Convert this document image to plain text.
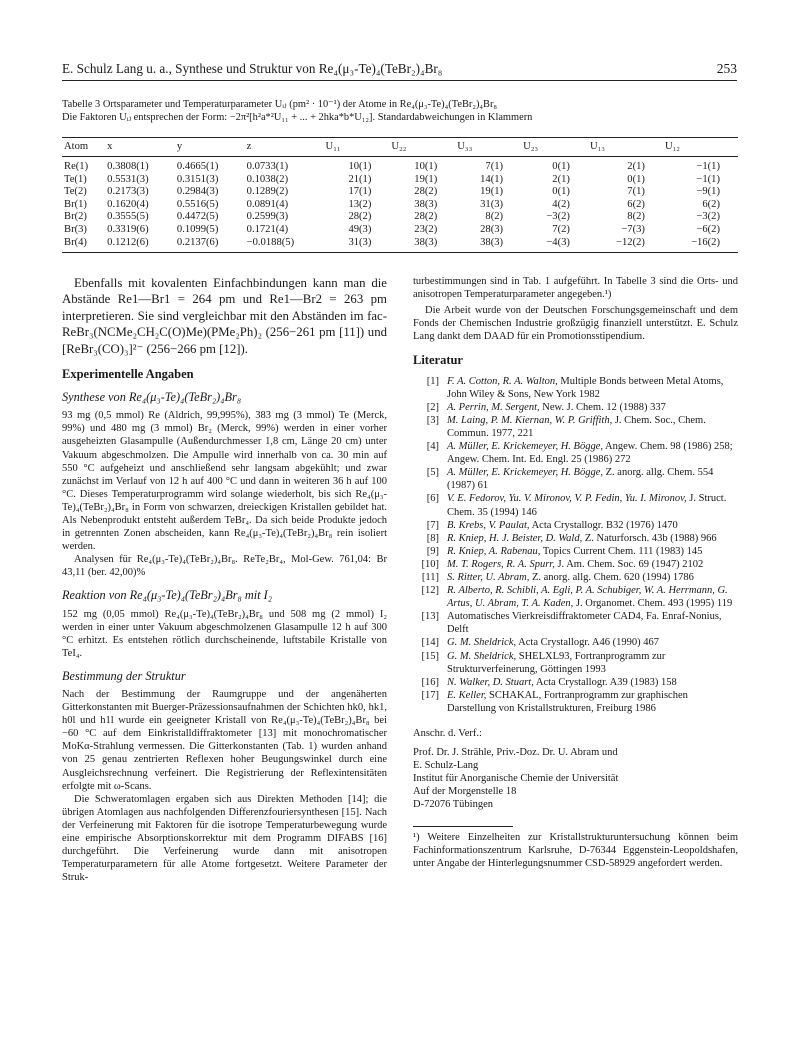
E. Schulz Lang u. a., Synthese und Struktur von Re₄(μ₃-Te)₄(TeBr₂)₄Br₈	253
Tabelle 3 Ortsparameter und Temperaturparameter Uᵢⱼ (pm² · 10⁻¹) der Atome in Re₄(μ₃-Te)₄(TeBr₂)₄Br₈
Die Faktoren Uᵢⱼ entsprechen der Form: −2π²[h²a*²U₁₁ + ... + 2hka*b*U₁₂]. Standardabweichungen in Klammern
Atom	x	y	z	U₁₁	U₂₂	U₃₃	U₂₃	U₁₃	U₁₂
Re(1)	0.3808(1)	0.4665(1)	0.0733(1)	10(1)	10(1)	7(1)	0(1)	2(1)	−1(1)
Te(1)	0.5531(3)	0.3151(3)	0.1038(2)	21(1)	19(1)	14(1)	2(1)	0(1)	−1(1)
Te(2)	0.2173(3)	0.2984(3)	0.1289(2)	17(1)	28(2)	19(1)	0(1)	7(1)	−9(1)
Br(1)	0.1620(4)	0.5516(5)	0.0891(4)	13(2)	38(3)	31(3)	4(2)	6(2)	6(2)
Br(2)	0.3555(5)	0.4472(5)	0.2599(3)	28(2)	28(2)	8(2)	−3(2)	8(2)	−3(2)
Br(3)	0.3319(6)	0.1099(5)	0.1721(4)	49(3)	23(2)	28(3)	7(2)	−7(3)	−6(2)
Br(4)	0.1212(6)	0.2137(6)	−0.0188(5)	31(3)	38(3)	38(3)	−4(3)	−12(2)	−16(2)

Ebenfalls mit kovalenten Einfachbindungen kann man die Abstände Re1—Br1 = 264 pm und Re1—Br2 = 263 pm interpretieren. Sie sind vergleichbar mit den Abständen im fac-ReBr₃(NCMe₂CH₂C(O)Me)(PMe₂Ph)₂ (256−261 pm [11]) und [ReBr₃(CO)₃]²⁻ (256−266 pm [12]).

Experimentelle Angaben

Synthese von Re₄(μ₃-Te)₄(TeBr₂)₄Br₈

93 mg (0,5 mmol) Re (Aldrich, 99,995%), 383 mg (3 mmol) Te (Merck, 99%) und 480 mg (3 mmol) Br₂ (Merck, 99%) werden in einer vorher ausgeheizten Glasampulle (Außendurchmesser 1,8 cm, Länge 20 cm) unter Vakuum abgeschmolzen. Die Ampulle wird innerhalb von ca. 30 min auf 550 °C aufgeheizt und anschließend sehr langsam abgekühlt; und zwar zunächst im Verlauf von 12 h auf 400 °C und dann in weiteren 36 h auf 100 °C. Dieses Temperaturprogramm wird solange wiederholt, bis sich Re₄(μ₃-Te)₄(TeBr₂)₄Br₈ in Form von schwarzen, dreieckigen Kristallen gebildet hat. Als Nebenprodukt entsteht außerdem TeBr₄. Da sich beide Produkte jedoch in getrennten Zonen abscheiden, kann Re₄(μ₃-Te)₄(TeBr₂)₄Br₈ rein isoliert werden.

Analysen für Re₄(μ₃-Te)₄(TeBr₂)₄Br₈. ReTe₂Br₄, Mol-Gew. 761,04: Br 43,11 (ber. 42,00)%

Reaktion von Re₄(μ₃-Te)₄(TeBr₂)₄Br₈ mit I₂

152 mg (0,05 mmol) Re₄(μ₃-Te)₄(TeBr₂)₄Br₈ und 508 mg (2 mmol) I₂ werden in einer unter Vakuum abgeschmolzenen Glasampulle 12 h auf 300 °C erhitzt. Es entstehen rötlich durchscheinende, luftstabile Kristalle von TeI₄.

Bestimmung der Struktur

Nach der Bestimmung der Raumgruppe und der angenäherten Gitterkonstanten mit Buerger-Präzessionsaufnahmen der Schichten hk0, hk1, h0l und h1l wurde ein geeigneter Kristall von Re₄(μ₃-Te)₄(TeBr₂)₄Br₈ bei −60 °C auf dem Einkristalldiffraktometer [13] mit monochromatischer MoKα-Strahlung vermessen. Die Gitterkonstanten (Tab. 1) wurden anhand von 25 genau zentrierten Reflexen hoher Beugungswinkel durch eine Ausgleichsrechnung verfeinert. Die Registrierung der Reflexintensitäten erfolgte mit ω-Scans.

Die Schweratomlagen ergaben sich aus Direkten Methoden [14]; die übrigen Atomlagen aus nachfolgenden Differenzfouriersynthesen [15]. Nach der Verfeinerung mit Faktoren für die isotrope Temperaturbewegung wurde eine empirische Absorptionskorrektur mit dem Programm DIFABS [16] durchgeführt. Die Verfeinerung wurde dann mit anisotropen Temperaturparametern für alle Atome fortgesetzt. Weitere Parameter der Struk-

turbestimmungen sind in Tab. 1 aufgeführt. In Tabelle 3 sind die Orts- und anisotropen Temperaturparameter angegeben.¹)

Die Arbeit wurde von der Deutschen Forschungsgemeinschaft und dem Fonds der Chemischen Industrie großzügig finanziell unterstützt. E. Schulz Lang dankt dem DAAD für ein Promotionsstipendium.

Literatur

[1] F. A. Cotton, R. A. Walton, Multiple Bonds between Metal Atoms, John Wiley & Sons, New York 1982

[2] A. Perrin, M. Sergent, New. J. Chem. 12 (1988) 337

[3] M. Laing, P. M. Kiernan, W. P. Griffith, J. Chem. Soc., Chem. Commun. 1977, 221

[4] A. Müller, E. Krickemeyer, H. Bögge, Angew. Chem. 98 (1986) 258; Angew. Chem. Int. Ed. Engl. 25 (1986) 272

[5] A. Müller, E. Krickemeyer, H. Bögge, Z. anorg. allg. Chem. 554 (1987) 61

[6] V. E. Fedorov, Yu. V. Mironov, V. P. Fedin, Yu. I. Mironov, J. Struct. Chem. 35 (1994) 146

[7] B. Krebs, V. Paulat, Acta Crystallogr. B32 (1976) 1470

[8] R. Kniep, H. J. Beister, D. Wald, Z. Naturforsch. 43b (1988) 966

[9] R. Kniep, A. Rabenau, Topics Current Chem. 111 (1983) 145

[10] M. T. Rogers, R. A. Spurr, J. Am. Chem. Soc. 69 (1947) 2102

[11] S. Ritter, U. Abram, Z. anorg. allg. Chem. 620 (1994) 1786

[12] R. Alberto, R. Schibli, A. Egli, P. A. Schubiger, W. A. Herrmann, G. Artus, U. Abram, T. A. Kaden, J. Organomet. Chem. 493 (1995) 119

[13] Automatisches Vierkreisdiffraktometer CAD4, Fa. Enraf-Nonius, Delft

[14] G. M. Sheldrick, Acta Crystallogr. A46 (1990) 467

[15] G. M. Sheldrick, SHELXL93, Fortranprogramm zur Strukturverfeinerung, Göttingen 1993

[16] N. Walker, D. Stuart, Acta Crystallogr. A39 (1983) 158

[17] E. Keller, SCHAKAL, Fortranprogramm zur graphischen Darstellung von Kristallstrukturen, Freiburg 1986

Anschr. d. Verf.:

Prof. Dr. J. Strähle, Priv.-Doz. Dr. U. Abram und

E. Schulz-Lang

Institut für Anorganische Chemie der Universität

Auf der Morgenstelle 18

D-72076 Tübingen

¹) Weitere Einzelheiten zur Kristallstrukturuntersuchung können beim Fachinformationszentrum Karlsruhe, D-76344 Eggenstein-Leopoldshafen, unter Angabe der Hinterlegungsnummer CSD-58929 angefordert werden.
